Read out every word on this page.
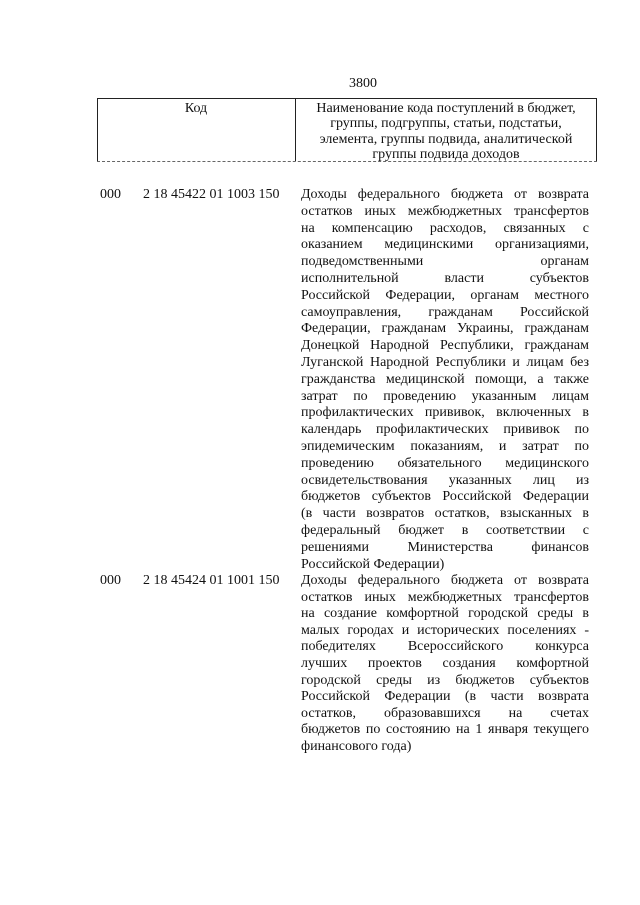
3800
Код	Наименование кода поступлений в бюджет,
группы, подгруппы, статьи, подстатьи,
элемента, группы подвида, аналитической
группы подвида доходов
000 2 18 45422 01 1003 150 Доходы федерального бюджета от возврата
остатков иных межбюджетных трансфертов
на компенсацию расходов, связанных с
оказанием медицинскими организациями,
подведомственными органам
исполнительной власти субъектов
Российской Федерации, органам местного
самоуправления, гражданам Российской
Федерации, гражданам Украины, гражданам
Донецкой Народной Республики, гражданам
Луганской Народной Республики и лицам без
гражданства медицинской помощи, а также
затрат по проведению указанным лицам
профилактических прививок, включенных в
календарь профилактических прививок по
эпидемическим показаниям, и затрат по
проведению обязательного медицинского
освидетельствования указанных лиц из
бюджетов субъектов Российской Федерации
(в части возвратов остатков, взысканных в
федеральный бюджет в соответствии с
решениями Министерства финансов
Российской Федерации)
000 2 18 45424 01 1001 150 Доходы федерального бюджета от возврата
остатков иных межбюджетных трансфертов
на создание комфортной городской среды в
малых городах и исторических поселениях -
победителях Всероссийского конкурса
лучших проектов создания комфортной
городской среды из бюджетов субъектов
Российской Федерации (в части возврата
остатков, образовавшихся на счетах
бюджетов по состоянию на 1 января текущего
финансового года)
